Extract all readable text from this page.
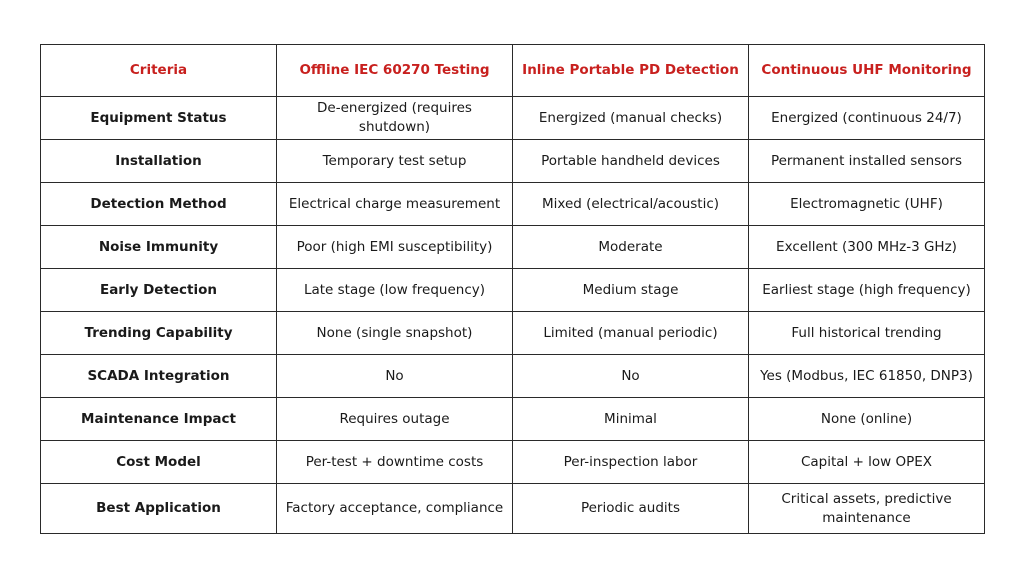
Criteria	Offline IEC 60270 Testing	Inline Portable PD Detection	Continuous UHF Monitoring
Equipment Status	De-energized (requires shutdown)	Energized (manual checks)	Energized (continuous 24/7)
Installation	Temporary test setup	Portable handheld devices	Permanent installed sensors
Detection Method	Electrical charge measurement	Mixed (electrical/acoustic)	Electromagnetic (UHF)
Noise Immunity	Poor (high EMI susceptibility)	Moderate	Excellent (300 MHz-3 GHz)
Early Detection	Late stage (low frequency)	Medium stage	Earliest stage (high frequency)
Trending Capability	None (single snapshot)	Limited (manual periodic)	Full historical trending
SCADA Integration	No	No	Yes (Modbus, IEC 61850, DNP3)
Maintenance Impact	Requires outage	Minimal	None (online)
Cost Model	Per-test + downtime costs	Per-inspection labor	Capital + low OPEX
Best Application	Factory acceptance, compliance	Periodic audits	Critical assets, predictive maintenance
